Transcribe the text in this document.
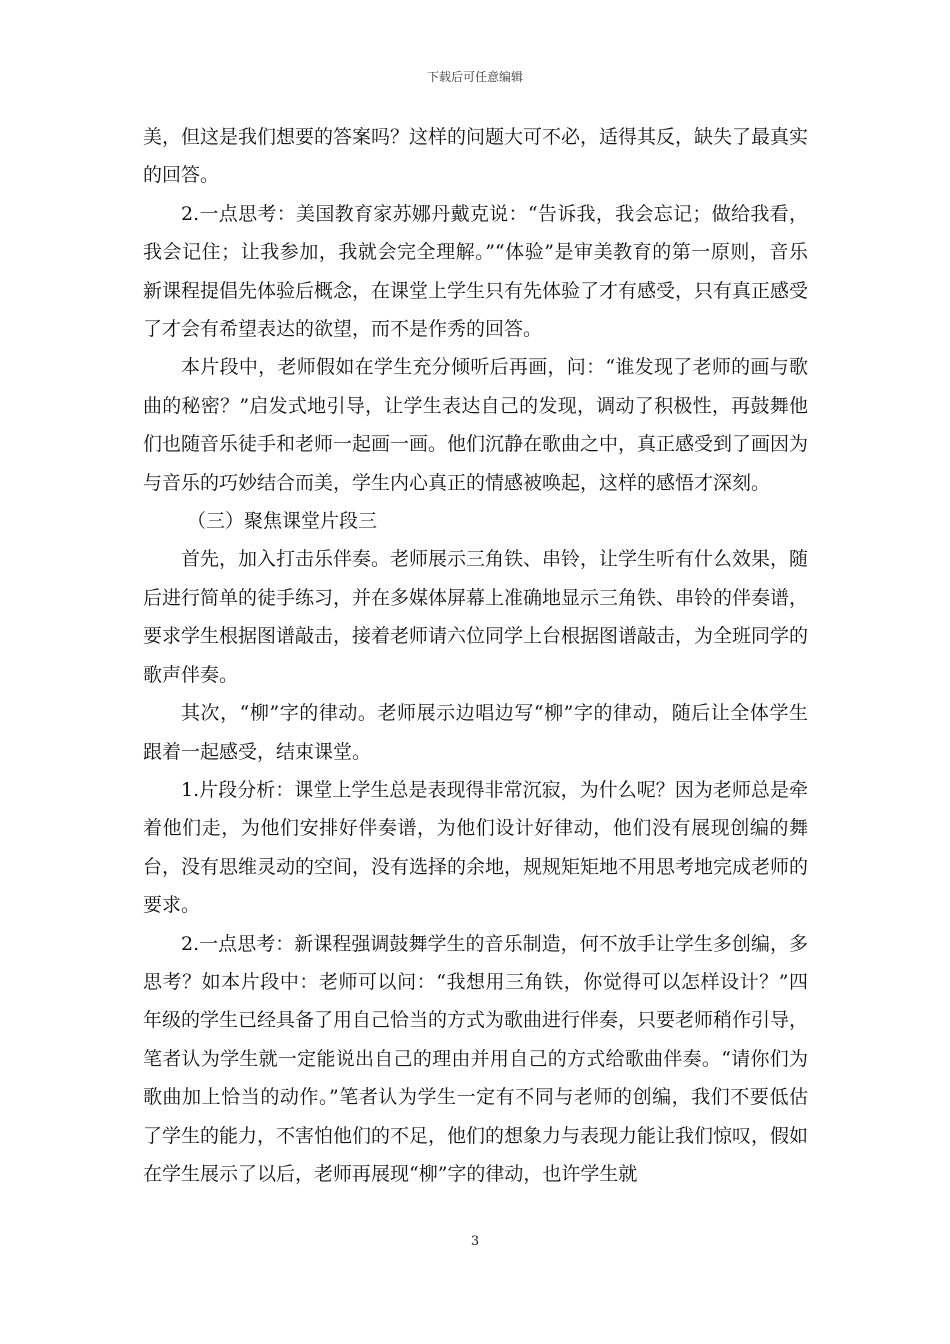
下载后可任意编辑

美，但这是我们想要的答案吗？这样的问题大可不必，适得其反，缺失了最真实的回答。

2.一点思考：美国教育家苏娜丹戴克说：“告诉我，我会忘记；做给我看，我会记住；让我参加，我就会完全理解。”“体验”是审美教育的第一原则，音乐新课程提倡先体验后概念，在课堂上学生只有先体验了才有感受，只有真正感受了才会有希望表达的欲望，而不是作秀的回答。

本片段中，老师假如在学生充分倾听后再画，问：“谁发现了老师的画与歌曲的秘密？”启发式地引导，让学生表达自己的发现，调动了积极性，再鼓舞他们也随音乐徒手和老师一起画一画。他们沉静在歌曲之中，真正感受到了画因为与音乐的巧妙结合而美，学生内心真正的情感被唤起，这样的感悟才深刻。

（三）聚焦课堂片段三

首先，加入打击乐伴奏。老师展示三角铁、串铃，让学生听有什么效果，随后进行简单的徒手练习，并在多媒体屏幕上准确地显示三角铁、串铃的伴奏谱，要求学生根据图谱敲击，接着老师请六位同学上台根据图谱敲击，为全班同学的歌声伴奏。

其次，“柳”字的律动。老师展示边唱边写“柳”字的律动，随后让全体学生跟着一起感受，结束课堂。

1.片段分析：课堂上学生总是表现得非常沉寂，为什么呢？因为老师总是牵着他们走，为他们安排好伴奏谱，为他们设计好律动，他们没有展现创编的舞台，没有思维灵动的空间，没有选择的余地，规规矩矩地不用思考地完成老师的要求。

2.一点思考：新课程强调鼓舞学生的音乐制造，何不放手让学生多创编，多思考？如本片段中：老师可以问：“我想用三角铁，你觉得可以怎样设计？”四年级的学生已经具备了用自己恰当的方式为歌曲进行伴奏，只要老师稍作引导，笔者认为学生就一定能说出自己的理由并用自己的方式给歌曲伴奏。“请你们为歌曲加上恰当的动作。”笔者认为学生一定有不同与老师的创编，我们不要低估了学生的能力，不害怕他们的不足，他们的想象力与表现力能让我们惊叹，假如在学生展示了以后，老师再展现“柳”字的律动，也许学生就

3
